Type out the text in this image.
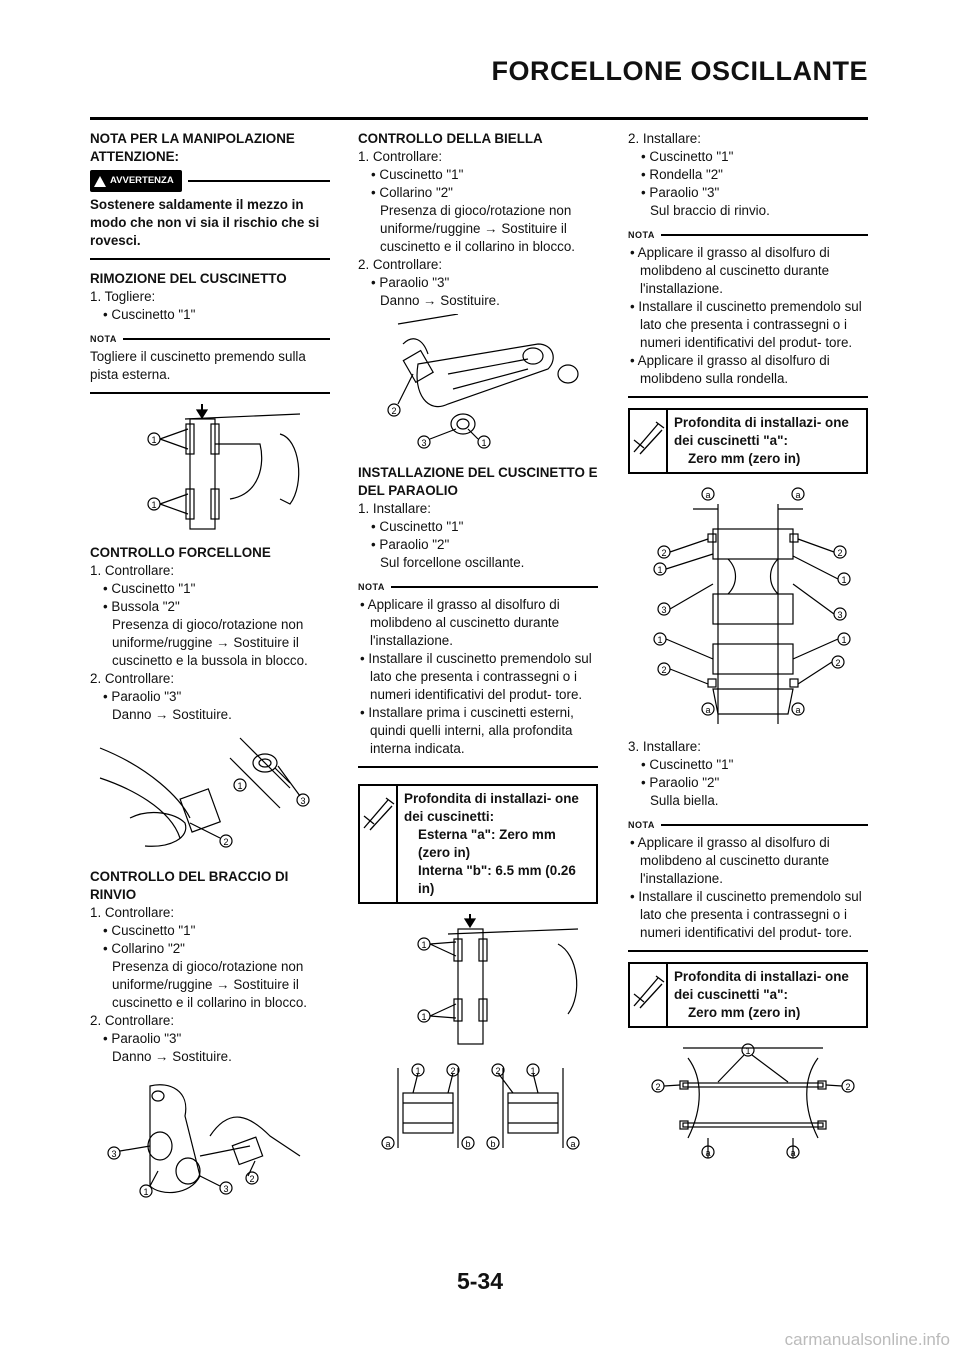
FORCELLONE OSCILLANTE
NOTA PER LA MANIPOLAZIONE
ATTENZIONE:
AVVERTENZA
Sostenere saldamente il mezzo in modo che non vi sia il rischio che si rovesci.
RIMOZIONE DEL CUSCINETTO
1. Togliere:
• Cuscinetto "1"
NOTA
Togliere il cuscinetto premendo sulla pista esterna.
1
1
CONTROLLO FORCELLONE
1. Controllare:
• Cuscinetto "1"
• Bussola "2"
Presenza di gioco/rotazione non uniforme/ruggine → Sostituire il cuscinetto e la bussola in blocco.
2. Controllare:
• Paraolio "3"
Danno → Sostituire.
1
3
2
CONTROLLO DEL BRACCIO DI RINVIO
1. Controllare:
• Cuscinetto "1"
• Collarino "2"
Presenza di gioco/rotazione non uniforme/ruggine → Sostituire il cuscinetto e il collarino in blocco.
2. Controllare:
• Paraolio "3"
Danno → Sostituire.
3
1	3
2
CONTROLLO DELLA BIELLA
1. Controllare:
• Cuscinetto "1"
• Collarino "2"
Presenza di gioco/rotazione non uniforme/ruggine → Sostituire il cuscinetto e il collarino in blocco.
2. Controllare:
• Paraolio "3"
Danno → Sostituire.
2
3	1
INSTALLAZIONE DEL CUSCINETTO E DEL PARAOLIO
1. Installare:
• Cuscinetto "1"
• Paraolio "2"
Sul forcellone oscillante.
NOTA
• Applicare il grasso al disolfuro di molibdeno al cuscinetto durante l'installazione.
• Installare il cuscinetto premendolo sul lato che presenta i contrassegni o i numeri identificativi del produt- tore.
• Installare prima i cuscinetti esterni, quindi quelli interni, alla profondita interna indicata.
Profondita di installazi- one dei cuscinetti:
Esterna "a": Zero mm (zero in)
Interna "b": 6.5 mm (0.26 in)
1
1
1	2	2	1
a	b b	a
2. Installare:
• Cuscinetto "1"
• Rondella "2"
• Paraolio "3"
Sul braccio di rinvio.
NOTA
• Applicare il grasso al disolfuro di molibdeno al cuscinetto durante l'installazione.
• Installare il cuscinetto premendolo sul lato che presenta i contrassegni o i numeri identificativi del produt- tore.
• Applicare il grasso al disolfuro di molibdeno sulla rondella.
Profondita di installazi- one dei cuscinetti "a":
Zero mm (zero in)
a	a
2	2
1
1
3	3
1	1
2
2
a	a
3. Installare:
• Cuscinetto "1"
• Paraolio "2"
Sulla biella.
NOTA
• Applicare il grasso al disolfuro di molibdeno al cuscinetto durante l'installazione.
• Installare il cuscinetto premendolo sul lato che presenta i contrassegni o i numeri identificativi del produt- tore.
Profondita di installazi- one dei cuscinetti "a":
Zero mm (zero in)
1
2	2
a	a
5-34
carmanualsonline.info
